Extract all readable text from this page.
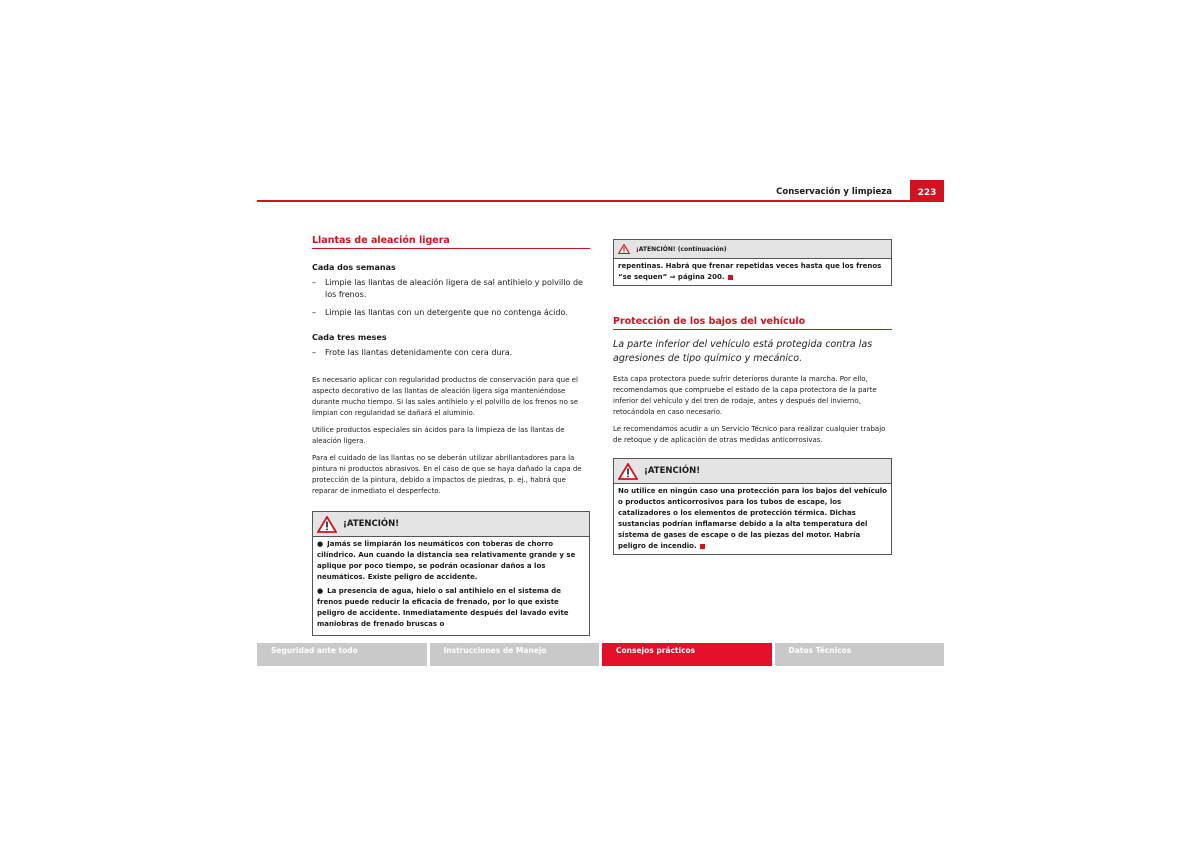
Conservación y limpieza	223
Llantas de aleación ligera
Cada dos semanas
–	Limpie las llantas de aleación ligera de sal antihielo y polvillo de los frenos.
–	Limpie las llantas con un detergente que no contenga ácido.
Cada tres meses
–	Frote las llantas detenidamente con cera dura.

Es necesario aplicar con regularidad productos de conservación para que el aspecto decorativo de las llantas de aleación ligera siga manteniéndose durante mucho tiempo. Si las sales antihielo y el polvillo de los frenos no se limpian con regularidad se dañará el aluminio.

Utilice productos especiales sin ácidos para la limpieza de las llantas de aleación ligera.

Para el cuidado de las llantas no se deberán utilizar abrillantadores para la pintura ni productos abrasivos. En el caso de que se haya dañado la capa de protección de la pintura, debido a impactos de piedras, p. ej., habrá que reparar de inmediato el desperfecto.

¡ATENCIÓN!

● Jamás se limpiarán los neumáticos con toberas de chorro cilíndrico. Aun cuando la distancia sea relativamente grande y se aplique por poco tiempo, se podrán ocasionar daños a los neumáticos. Existe peligro de accidente.

● La presencia de agua, hielo o sal antihielo en el sistema de frenos puede reducir la eficacia de frenado, por lo que existe peligro de accidente. Inmediatamente después del lavado evite maniobras de frenado bruscas o

¡ATENCIÓN! (continuación)
repentinas. Habrá que frenar repetidas veces hasta que los frenos “se sequen” ⇒ página 200.
Protección de los bajos del vehículo

La parte inferior del vehículo está protegida contra las agresiones de tipo químico y mecánico.

Esta capa protectora puede sufrir deterioros durante la marcha. Por ello, recomendamos que compruebe el estado de la capa protectora de la parte inferior del vehículo y del tren de rodaje, antes y después del invierno, retocándola en caso necesario.

Le recomendamos acudir a un Servicio Técnico para realizar cualquier trabajo de retoque y de aplicación de otras medidas anticorrosivas.

¡ATENCIÓN!
No utilice en ningún caso una protección para los bajos del vehículo o productos anticorrosivos para los tubos de escape, los catalizadores o los elementos de protección térmica. Dichas sustancias podrían inflamarse debido a la alta temperatura del sistema de gases de escape o de las piezas del motor. Habría peligro de incendio.
Seguridad ante todo	Instrucciones de Manejo	Consejos prácticos	Datos Técnicos
